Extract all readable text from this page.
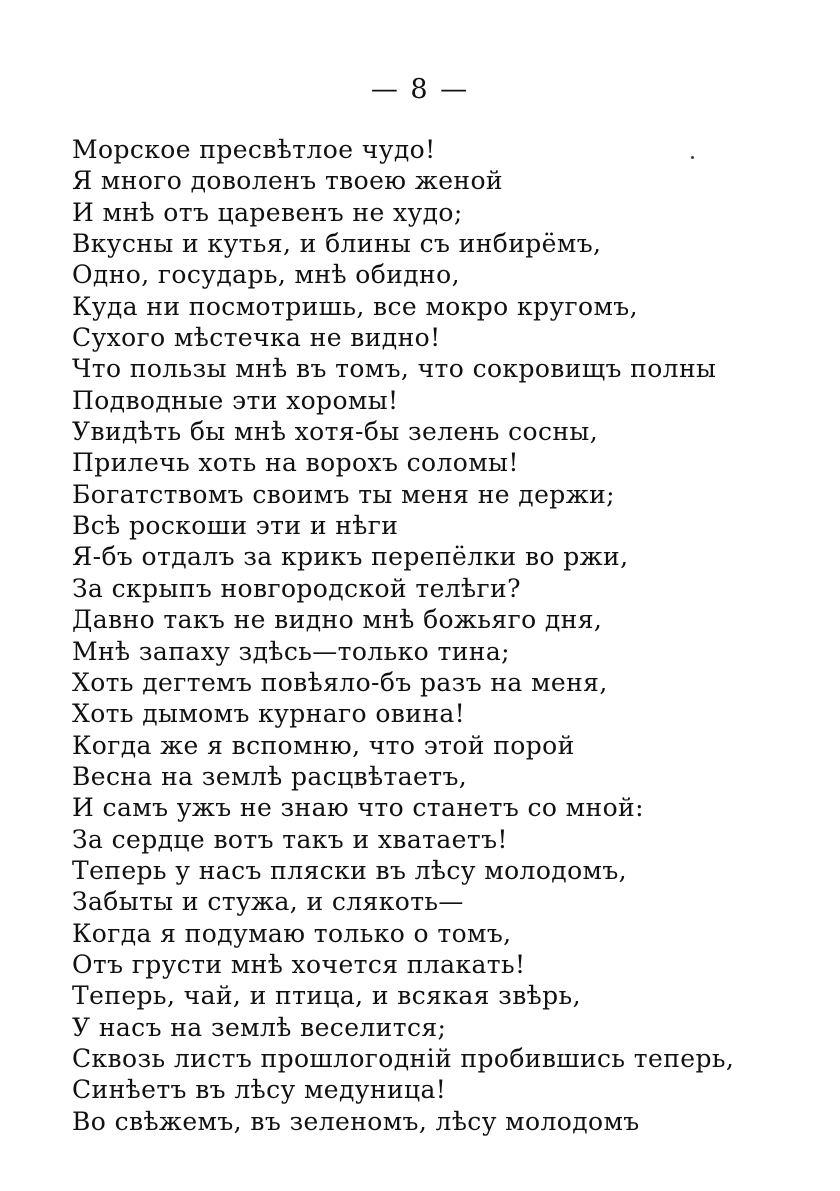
— 8 —
Морское пресвѣтлое чудо!
Я много доволенъ твоею женой
И мнѣ отъ царевенъ не худо;
Вкусны и кутья, и блины съ инбирёмъ,
Одно, государь, мнѣ обидно,
Куда ни посмотришь, все мокро кругомъ,
Сухого мѣстечка не видно!
Что пользы мнѣ въ томъ, что сокровищъ полны
Подводные эти хоромы!
Увидѣть бы мнѣ хотя-бы зелень сосны,
Прилечь хоть на ворохъ соломы!
Богатствомъ своимъ ты меня не держи;
Всѣ роскоши эти и нѣги
Я-бъ отдалъ за крикъ перепёлки во ржи,
За скрыпъ новгородской телѣги?
Давно такъ не видно мнѣ божьяго дня,
Мнѣ запаху здѣсь—только тина;
Хоть дегтемъ повѣяло-бъ разъ на меня,
Хоть дымомъ курнаго овина!
Когда же я вспомню, что этой порой
Весна на землѣ расцвѣтаетъ,
И самъ ужъ не знаю что станетъ со мной:
За сердце вотъ такъ и хватаетъ!
Теперь у насъ пляски въ лѣсу молодомъ,
Забыты и стужа, и слякоть—
Когда я подумаю только о томъ,
Отъ грусти мнѣ хочется плакать!
Теперь, чай, и птица, и всякая звѣрь,
У насъ на землѣ веселится;
Сквозь листъ прошлогоднiй пробившись теперь,
Синѣетъ въ лѣсу медуница!
Во свѣжемъ, въ зеленомъ, лѣсу молодомъ
